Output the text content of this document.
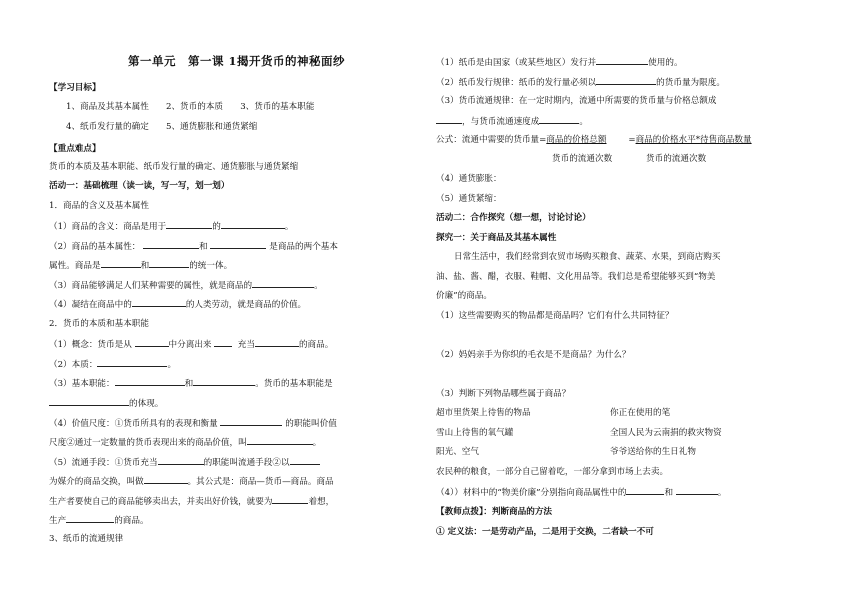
第一单元　第一课 1揭开货币的神秘面纱
【学习目标】
1、商品及其基本属性　　2、货币的本质　　3、货币的基本职能
4、纸币发行量的确定　　5、通货膨胀和通货紧缩
【重点难点】
货币的本质及基本职能、纸币发行量的确定、通货膨胀与通货紧缩
活动一：基础梳理（读一读，写一写，划一划）
1．商品的含义及基本属性
（1）商品的含义：商品是用于	的	。
（2）商品的基本属性：	和	是商品的两个基本
属性。商品是	和	的统一体。
（3）商品能够满足人们某种需要的属性，就是商品的	。
（4）凝结在商品中的	的人类劳动，就是商品的价值。
2．货币的本质和基本职能
（1）概念：货币是从	中分离出来	充当	的商品。
（2）本质：	。
（3）基本职能：	和	。货币的基本职能是
的体现。
（4）价值尺度：①货币所具有的表现和衡量	的职能叫价值
尺度②通过一定数量的货币表现出来的商品价值，叫	。
（5）流通手段：①货币充当	的职能叫流通手段②以
为媒介的商品交换，叫做	。其公式是：商品—货币—商品。商品
生产者要使自己的商品能够卖出去，并卖出好价钱，就要为	着想，
生产	的商品。
3、纸币的流通规律
（1）纸币是由国家（或某些地区）发行并	使用的。
（2）纸币发行规律：纸币的发行量必须以	的货币量为限度。
（3）货币流通规律：在一定时期内，流通中所需要的货币量与价格总额成
，与货币流通速度成	。
公式：流通中需要的货币量=商品的价格总额	=商品的价格水平*待售商品数量
货币的流通次数	货币的流通次数
（4）通货膨胀：
（5）通货紧缩：
活动二：合作探究（想一想，讨论讨论）
探究一：关于商品及其基本属性
日常生活中，我们经常到农贸市场购买粮食、蔬菜、水果，到商店购买
油、盐、酱、醋，衣服、鞋帽、文化用品等。我们总是希望能够买到“物美
价廉”的商品。
（1）这些需要购买的物品都是商品吗？它们有什么共同特征？
（2）妈妈亲手为你织的毛衣是不是商品？为什么？
（3）判断下列物品哪些属于商品？
超市里货架上待售的物品	你正在使用的笔
雪山上待售的氧气罐	全国人民为云南捐的救灾物资
阳光、空气	爷爷送给你的生日礼物
农民种的粮食，一部分自己留着吃，一部分拿到市场上去卖。
（4））材料中的“物美价廉”分别指向商品属性中的	和	。
【教师点拨】：判断商品的方法
① 定义法：一是劳动产品，二是用于交换，二者缺一不可
